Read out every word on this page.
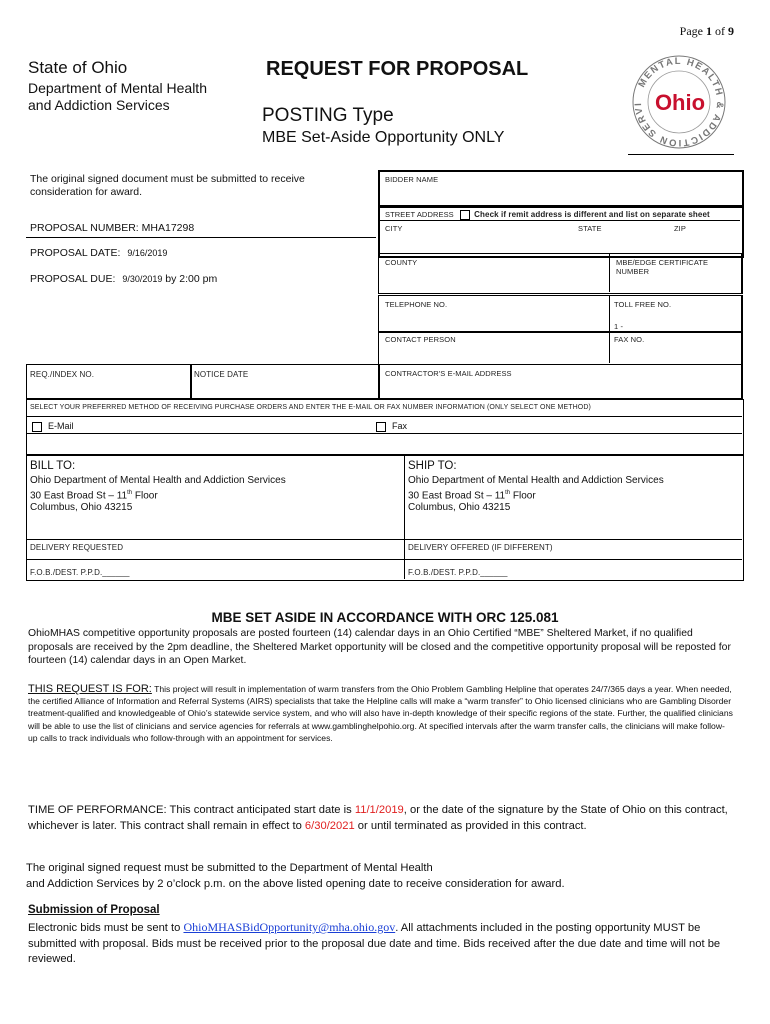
Page 1 of 9
State of Ohio
Department of Mental Health
and Addiction Services
REQUEST FOR PROPOSAL
POSTING Type
MBE Set-Aside Opportunity ONLY
MENTAL HEALTH & ADDICTION SERVI Ohio
The original signed document must be submitted to receive consideration for award.
PROPOSAL NUMBER: MHA17298
PROPOSAL DATE: 9/16/2019
PROPOSAL DUE: 9/30/2019 by 2:00 pm
BIDDER NAME
STREET ADDRESS	Check if remit address is different and list on separate sheet
CITY	STATE	ZIP
COUNTY	MBE/EDGE CERTIFICATE NUMBER
TELEPHONE NO.	TOLL FREE NO.
1 -
CONTACT PERSON	FAX NO.
REQ./INDEX NO.	NOTICE DATE	CONTRACTOR'S E-MAIL ADDRESS
SELECT YOUR PREFERRED METHOD OF RECEIVING PURCHASE ORDERS AND ENTER THE E-MAIL OR FAX NUMBER INFORMATION (ONLY SELECT ONE METHOD)
E-Mail	Fax
BILL TO:
Ohio Department of Mental Health and Addiction Services
30 East Broad St – 11th Floor
Columbus, Ohio 43215
SHIP TO:
Ohio Department of Mental Health and Addiction Services
30 East Broad St – 11th Floor
Columbus, Ohio 43215
DELIVERY REQUESTED	DELIVERY OFFERED (IF DIFFERENT)
F.O.B./DEST. P.P.D.______	F.O.B./DEST. P.P.D.______
MBE SET ASIDE IN ACCORDANCE WITH ORC 125.081
OhioMHAS competitive opportunity proposals are posted fourteen (14) calendar days in an Ohio Certified “MBE” Sheltered Market, if no qualified proposals are received by the 2pm deadline, the Sheltered Market opportunity will be closed and the competitive opportunity proposal will be reposted for fourteen (14) calendar days in an Open Market.
THIS REQUEST IS FOR: This project will result in implementation of warm transfers from the Ohio Problem Gambling Helpline that operates 24/7/365 days a year. When needed, the certified Alliance of Information and Referral Systems (AIRS) specialists that take the Helpline calls will make a “warm transfer” to Ohio licensed clinicians who are Gambling Disorder treatment-qualified and knowledgeable of Ohio’s statewide service system, and who will also have in-depth knowledge of their specific regions of the state. Further, the qualified clinicians will be able to use the list of clinicians and service agencies for referrals at www.gamblinghelpohio.org. At specified intervals after the warm transfer calls, the clinicians will make follow-up calls to track individuals who follow-through with an appointment for services.
TIME OF PERFORMANCE: This contract anticipated start date is 11/1/2019, or the date of the signature by the State of Ohio on this contract, whichever is later. This contract shall remain in effect to 6/30/2021 or until terminated as provided in this contract.
The original signed request must be submitted to the Department of Mental Health
and Addiction Services by 2 o’clock p.m. on the above listed opening date to receive consideration for award.
Submission of Proposal
Electronic bids must be sent to OhioMHASBidOpportunity@mha.ohio.gov. All attachments included in the posting opportunity MUST be submitted with proposal. Bids must be received prior to the proposal due date and time. Bids received after the due date and time will not be reviewed.
